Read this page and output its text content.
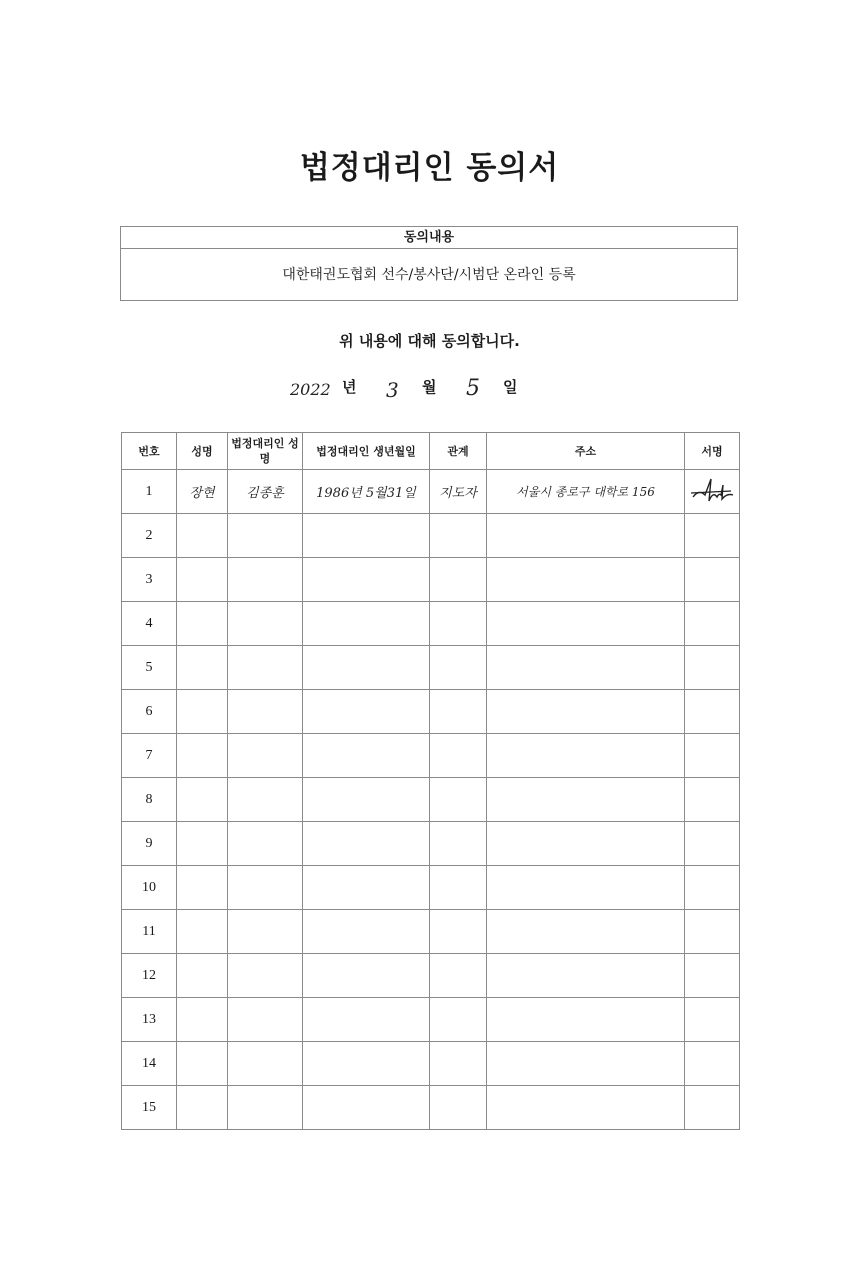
법정대리인 동의서
동의내용
대한태권도협회 선수/봉사단/시범단 온라인 등록
위 내용에 대해 동의합니다.
2022 년 3 월 5 일
번호	성명	법정대리인 성명	법정대리인 생년월일	관계	주소	서명
1	장현	김종훈	1986년 5월31일	지도자	서울시 종로구 대학로 156	
2						
3						
4						
5						
6						
7						
8						
9						
10						
11						
12						
13						
14						
15						
